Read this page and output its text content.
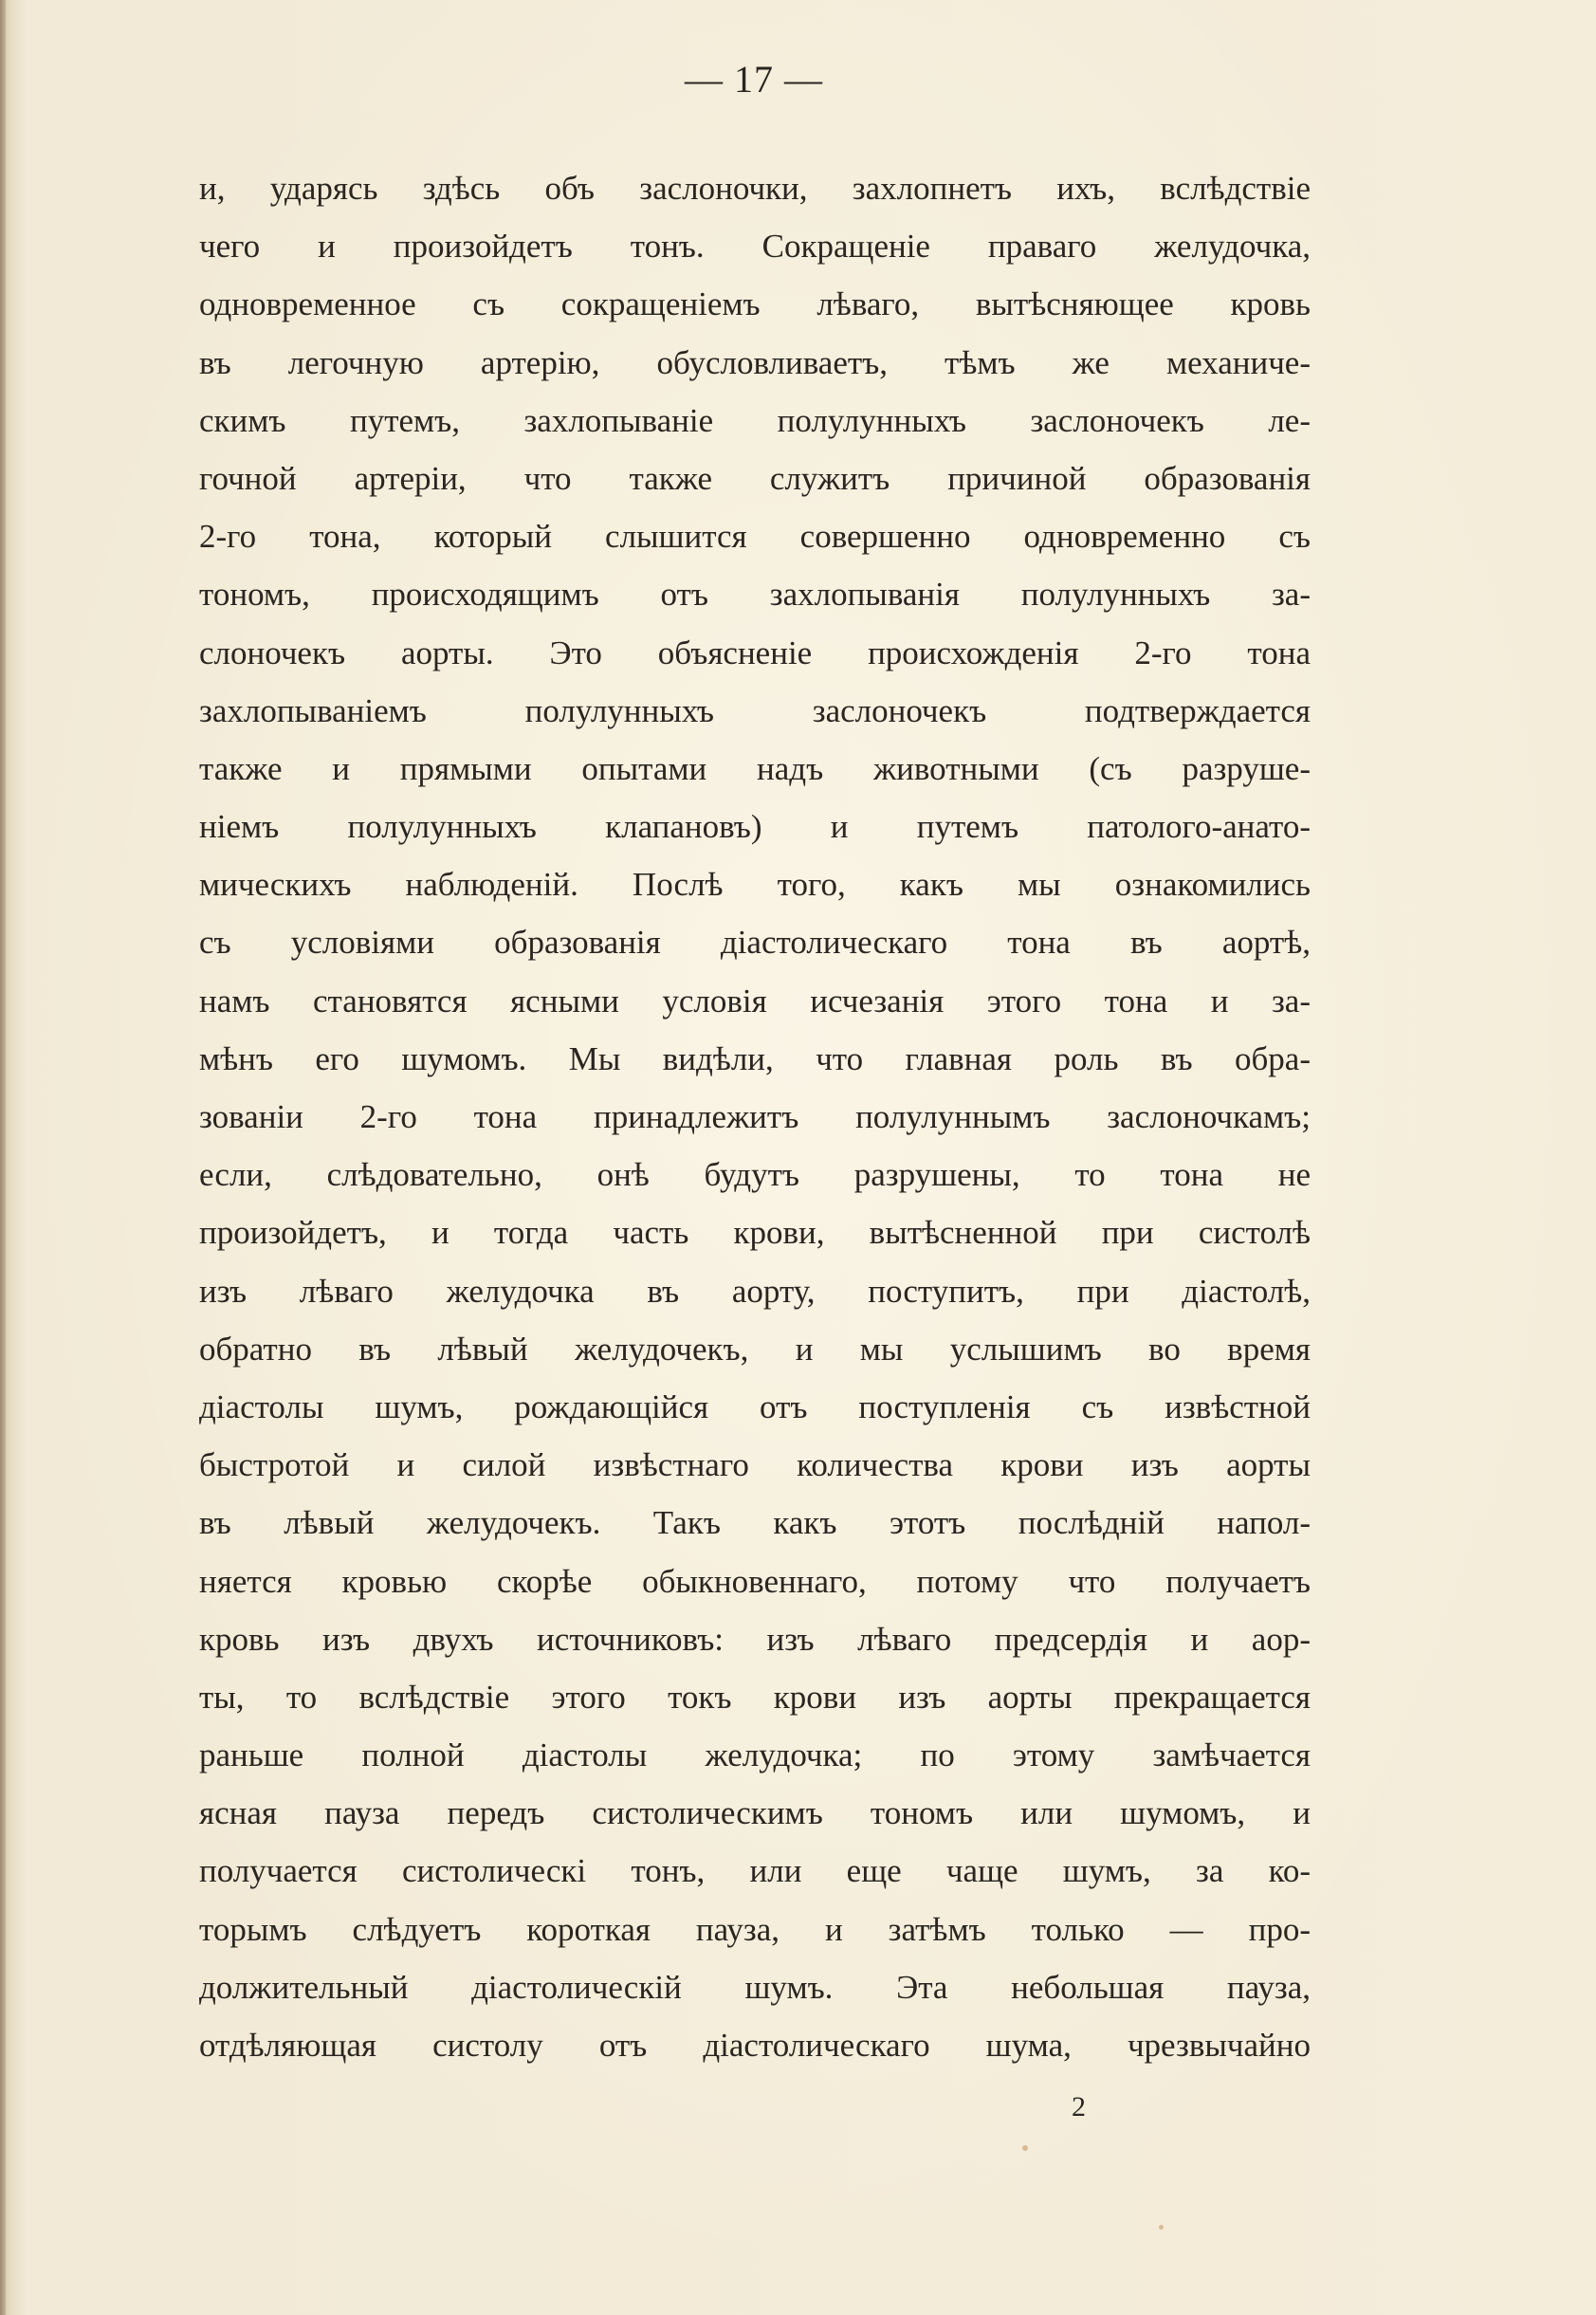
— 17 —
и, ударясь здѣсь объ заслоночки, захлопнетъ ихъ, вслѣдствіе
чего и произойдетъ тонъ. Сокращеніе праваго желудочка,
одновременное съ сокращеніемъ лѣваго, вытѣсняющее кровь
въ легочную артерію, обусловливаетъ, тѣмъ же механиче-
скимъ путемъ, захлопываніе полулунныхъ заслоночекъ ле-
гочной артеріи, что также служитъ причиной образованія
2-го тона, который слышится совершенно одновременно съ
тономъ, происходящимъ отъ захлопыванія полулунныхъ за-
слоночекъ аорты. Это объясненіе происхожденія 2-го тона
захлопываніемъ полулунныхъ заслоночекъ подтверждается
также и прямыми опытами надъ животными (съ разруше-
ніемъ полулунныхъ клапановъ) и путемъ патолого-анато-
мическихъ наблюденій. Послѣ того, какъ мы ознакомились
съ условіями образованія діастолическаго тона въ аортѣ,
намъ становятся ясными условія исчезанія этого тона и за-
мѣнъ его шумомъ. Мы видѣли, что главная роль въ обра-
зованіи 2-го тона принадлежитъ полулуннымъ заслоночкамъ;
если, слѣдовательно, онѣ будутъ разрушены, то тона не
произойдетъ, и тогда часть крови, вытѣсненной при систолѣ
изъ лѣваго желудочка въ аорту, поступитъ, при діастолѣ,
обратно въ лѣвый желудочекъ, и мы услышимъ во время
діастолы шумъ, рождающійся отъ поступленія съ извѣстной
быстротой и силой извѣстнаго количества крови изъ аорты
въ лѣвый желудочекъ. Такъ какъ этотъ послѣдній напол-
няется кровью скорѣе обыкновеннаго, потому что получаетъ
кровь изъ двухъ источниковъ: изъ лѣваго предсердія и аор-
ты, то вслѣдствіе этого токъ крови изъ аорты прекращается
раньше полной діастолы желудочка; по этому замѣчается
ясная пауза передъ систолическимъ тономъ или шумомъ, и
получается систолическі тонъ, или еще чаще шумъ, за ко-
торымъ слѣдуетъ короткая пауза, и затѣмъ только — про-
должительный діастолическій шумъ. Эта небольшая пауза,
отдѣляющая систолу отъ діастолическаго шума, чрезвычайно
2
